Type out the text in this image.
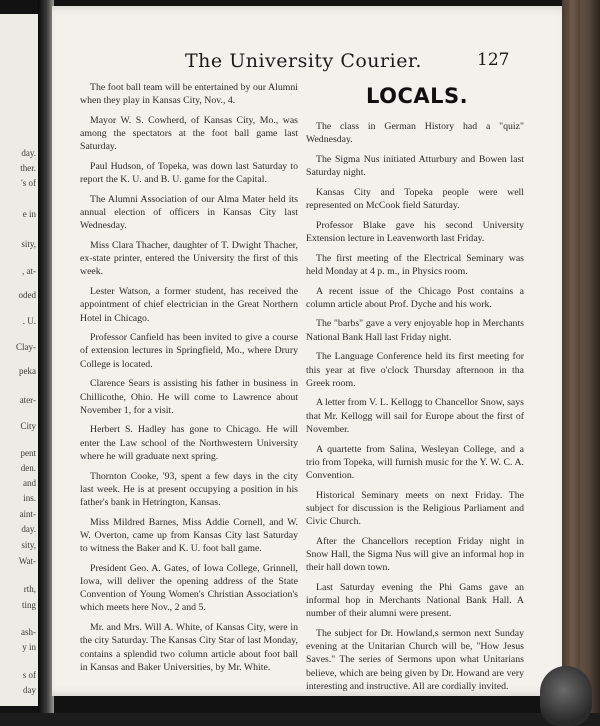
day.
ther.
's of
e in
sity,
, at-
oded
. U.
Clay-
peka
ater-
City
pent
den.
and
ins.
aint-
day.
sity,
Wat-
rth,
ting
ash-
y in
s of
day
The University Courier.	127
LOCALS.

The foot ball team will be entertained by our Alumni when they play in Kansas City, Nov., 4.

Mayor W. S. Cowherd, of Kansas City, Mo., was among the spectators at the foot ball game last Saturday.

Paul Hudson, of Topeka, was down last Saturday to report the K. U. and B. U. game for the Capital.

The Alumni Association of our Alma Mater held its annual election of officers in Kansas City last Wednesday.

Miss Clara Thacher, daughter of T. Dwight Thacher, ex-state printer, entered the University the first of this week.

Lester Watson, a former student, has received the appointment of chief electrician in the Great Northern Hotel in Chicago.

Professor Canfield has been invited to give a course of extension lectures in Springfield, Mo., where Drury College is located.

Clarence Sears is assisting his father in business in Chillicothe, Ohio. He will come to Lawrence about November 1, for a visit.

Herbert S. Hadley has gone to Chicago. He will enter the Law school of the Northwestern University where he will graduate next spring.

Thornton Cooke, '93, spent a few days in the city last week. He is at present occupying a position in his father's bank in Hetrington, Kansas.

Miss Mildred Barnes, Miss Addie Cornell, and W. W. Overton, came up from Kansas City last Saturday to witness the Baker and K. U. foot ball game.

President Geo. A. Gates, of Iowa College, Grinnell, Iowa, will deliver the opening address of the State Convention of Young Women's Christian Association's which meets here Nov., 2 and 5.

Mr. and Mrs. Will A. White, of Kansas City, were in the city Saturday. The Kansas City Star of last Monday, contains a splendid two column article about foot ball in Kansas and Baker Universities, by Mr. White.

The class in German History had a "quiz" Wednesday.

The Sigma Nus initiated Atturbury and Bowen last Saturday night.

Kansas City and Topeka people were well represented on McCook field Saturday.

Professor Blake gave his second University Extension lecture in Leavenworth last Friday.

The first meeting of the Electrical Seminary was held Monday at 4 p. m., in Physics room.

A recent issue of the Chicago Post contains a column article about Prof. Dyche and his work.

The "barbs" gave a very enjoyable hop in Merchants National Bank Hall last Friday night.

The Language Conference held its first meeting for this year at five o'clock Thursday afternoon in tha Greek room.

A letter from V. L. Kellogg to Chancellor Snow, says that Mr. Kellogg will sail for Europe about the first of November.

A quartette from Salina, Wesleyan College, and a trio from Topeka, will furnish music for the Y. W. C. A. Convention.

Historical Seminary meets on next Friday. The subject for discussion is the Religious Parliament and Civic Church.

After the Chancellors reception Friday night in Snow Hall, the Sigma Nus will give an informal hop in their hall down town.

Last Saturday evening the Phi Gams gave an informal hop in Merchants National Bank Hall. A number of their alumni were present.

The subject for Dr. Howland,s sermon next Sunday evening at the Unitarian Church will be, "How Jesus Saves." The series of Sermons upon what Unitarians believe, which are being given by Dr. Howand are very interesting and instructive. All are cordially invited.
